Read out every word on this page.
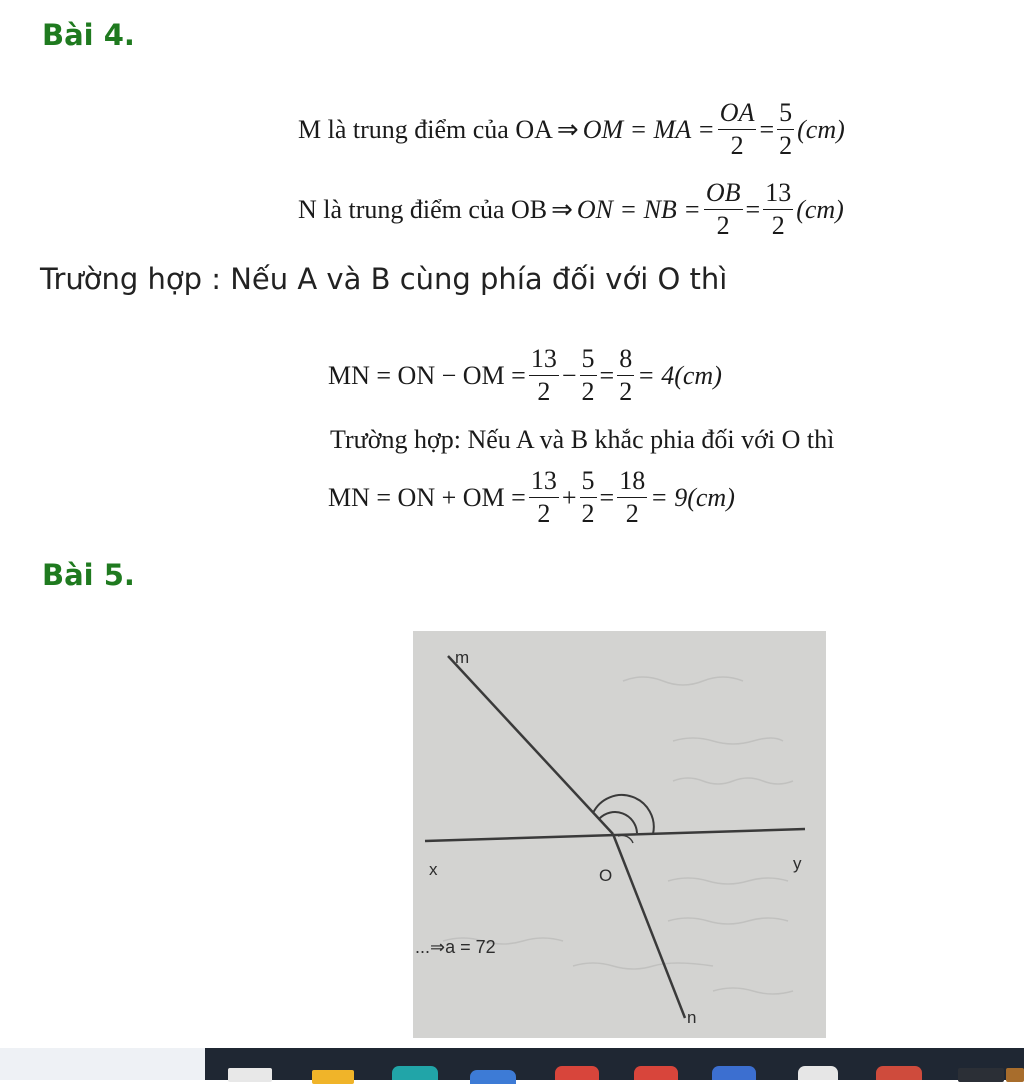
Bài 4.
M là trung điểm của OA ⇒ OM = MA = $\frac{OA}{2} = \frac{5}{2} (cm)$
N là trung điểm của OB ⇒ ON = NB = $\frac{OB}{2} = \frac{13}{2} (cm)$
Trường hợp : Nếu A và B cùng phía đối với O thì
MN = ON − OM = $\frac{13}{2} - \frac{5}{2} = \frac{8}{2} = 4(cm)$
Trường hợp: Nếu A và B khắc phia đối với O thì
MN = ON + OM = $\frac{13}{2} + \frac{5}{2} = \frac{18}{2} = 9(cm)$
Bài 5.
m
x	O
y
n
...⇒a = 72
